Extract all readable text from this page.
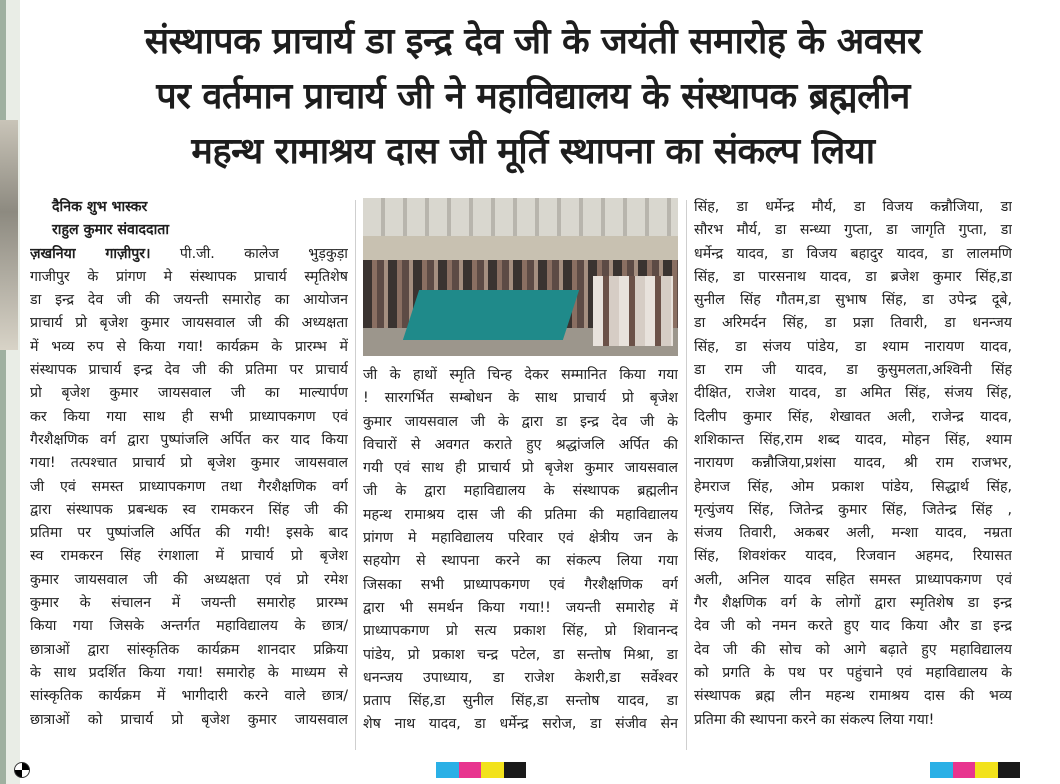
संस्थापक प्राचार्य डा इन्द्र देव जी के जयंती समारोह के अवसर
पर वर्तमान प्राचार्य जी ने महाविद्यालय के संस्थापक ब्रह्मलीन
महन्थ रामाश्रय दास जी मूर्ति स्थापना का संकल्प लिया
दैनिक शुभ भास्कर
राहुल कुमार संवाददाता
ज़खनिया गाज़ीपुर। पी.जी. कालेज भुड़कुड़ा
गाजीपुर के प्रांगण मे संस्थापक प्राचार्य स्मृतिशेष
डा इन्द्र देव जी की जयन्ती समारोह का आयोजन
प्राचार्य प्रो बृजेश कुमार जायसवाल जी की अध्यक्षता
में भव्य रुप से किया गया! कार्यक्रम के प्रारम्भ में
संस्थापक प्राचार्य इन्द्र देव जी की प्रतिमा पर प्राचार्य
प्रो बृजेश कुमार जायसवाल जी का माल्यार्पण
कर किया गया साथ ही सभी प्राध्यापकगण एवं
गैरशैक्षणिक वर्ग द्वारा पुष्पांजलि अर्पित कर याद किया
गया! तत्पश्चात प्राचार्य प्रो बृजेश कुमार जायसवाल
जी एवं समस्त प्राध्यापकगण तथा गैरशैक्षणिक वर्ग
द्वारा संस्थापक प्रबन्धक स्व रामकरन सिंह जी की
प्रतिमा पर पुष्पांजलि अर्पित की गयी! इसके बाद
स्व रामकरन सिंह रंगशाला में प्राचार्य प्रो बृजेश
कुमार जायसवाल जी की अध्यक्षता एवं प्रो रमेश
कुमार के संचालन में जयन्ती समारोह प्रारम्भ
किया गया जिसके अन्तर्गत महाविद्यालय के छात्र/
छात्राओं द्वारा सांस्कृतिक कार्यक्रम शानदार प्रक्रिया
के साथ प्रदर्शित किया गया! समारोह के माध्यम से
सांस्कृतिक कार्यक्रम में भागीदारी करने वाले छात्र/
छात्राओं को प्राचार्य प्रो बृजेश कुमार जायसवाल
जी के हाथों स्मृति चिन्ह देकर सम्मानित किया गया
! सारगर्भित सम्बोधन के साथ प्राचार्य प्रो बृजेश
कुमार जायसवाल जी के द्वारा डा इन्द्र देव जी के
विचारों से अवगत कराते हुए श्रद्धांजलि अर्पित की
गयी एवं साथ ही प्राचार्य प्रो बृजेश कुमार जायसवाल
जी के द्वारा महाविद्यालय के संस्थापक ब्रह्मलीन
महन्थ रामाश्रय दास जी की प्रतिमा की महाविद्यालय
प्रांगण मे महाविद्यालय परिवार एवं क्षेत्रीय जन के
सहयोग से स्थापना करने का संकल्प लिया गया
जिसका सभी प्राध्यापकगण एवं गैरशैक्षणिक वर्ग
द्वारा भी समर्थन किया गया!! जयन्ती समारोह में
प्राध्यापकगण प्रो सत्य प्रकाश सिंह, प्रो शिवानन्द
पांडेय, प्रो प्रकाश चन्द्र पटेल, डा सन्तोष मिश्रा, डा
धनन्जय उपाध्याय, डा राजेश केशरी,डा सर्वेश्वर
प्रताप सिंह,डा सुनील सिंह,डा सन्तोष यादव, डा
शेष नाथ यादव, डा धर्मेन्द्र सरोज, डा संजीव सेन
सिंह, डा धर्मेन्द्र मौर्य, डा विजय कन्नौजिया, डा
सौरभ मौर्य, डा सन्ध्या गुप्ता, डा जागृति गुप्ता, डा
धर्मेन्द्र यादव, डा विजय बहादुर यादव, डा लालमणि
सिंह, डा पारसनाथ यादव, डा ब्रजेश कुमार सिंह,डा
सुनील सिंह गौतम,डा सुभाष सिंह, डा उपेन्द्र दूबे,
डा अरिमर्दन सिंह, डा प्रज्ञा तिवारी, डा धनन्जय
सिंह, डा संजय पांडेय, डा श्याम नारायण यादव,
डा राम जी यादव, डा कुसुमलता,अश्विनी सिंह
दीक्षित, राजेश यादव, डा अमित सिंह, संजय सिंह,
दिलीप कुमार सिंह, शेखावत अली, राजेन्द्र यादव,
शशिकान्त सिंह,राम शब्द यादव, मोहन सिंह, श्याम
नारायण कन्नौजिया,प्रशंसा यादव, श्री राम राजभर,
हेमराज सिंह, ओम प्रकाश पांडेय, सिद्धार्थ सिंह,
मृत्युंजय सिंह, जितेन्द्र कुमार सिंह, जितेन्द्र सिंह ,
संजय तिवारी, अकबर अली, मन्शा यादव, नम्रता
सिंह, शिवशंकर यादव, रिजवान अहमद, रियासत
अली, अनिल यादव सहित समस्त प्राध्यापकगण एवं
गैर शैक्षणिक वर्ग के लोगों द्वारा स्मृतिशेष डा इन्द्र
देव जी को नमन करते हुए याद किया और डा इन्द्र
देव जी की सोच को आगे बढ़ाते हुए महाविद्यालय
को प्रगति के पथ पर पहुंचाने एवं महाविद्यालय के
संस्थापक ब्रह्म लीन महन्थ रामाश्रय दास की भव्य
प्रतिमा की स्थापना करने का संकल्प लिया गया!
